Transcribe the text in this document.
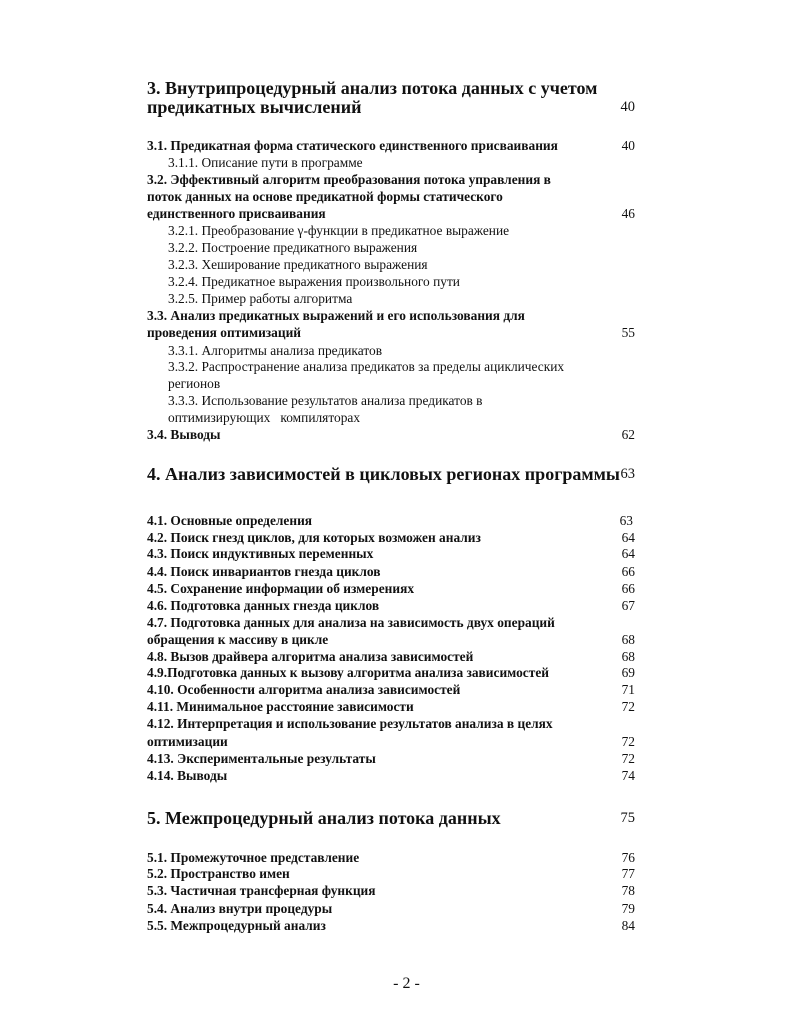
3. Внутрипроцедурный анализ потока данных с учетом
предикатных вычислений	40
3.1. Предикатная форма статического единственного присваивания	40
3.1.1. Описание пути в программе
3.2. Эффективный алгоритм преобразования потока управления в
поток данных на основе предикатной формы статического
единственного присваивания	46
3.2.1. Преобразование γ-функции в предикатное выражение
3.2.2. Построение предикатного выражения
3.2.3. Хеширование предикатного выражения
3.2.4. Предикатное выражения произвольного пути
3.2.5. Пример работы алгоритма
3.3. Анализ предикатных выражений и его использования для
проведения оптимизаций	55
3.3.1. Алгоритмы анализа предикатов
3.3.2. Распространение анализа предикатов за пределы ациклических
регионов
3.3.3. Использование результатов анализа предикатов в
оптимизирующих   компиляторах
3.4. Выводы	62
4. Анализ зависимостей в цикловых регионах программы 63
4.1. Основные определения	63
4.2. Поиск гнезд циклов, для которых возможен анализ	64
4.3. Поиск индуктивных переменных	64
4.4. Поиск инвариантов гнезда циклов	66
4.5. Сохранение информации об измерениях	66
4.6. Подготовка данных гнезда циклов	67
4.7. Подготовка данных для анализа на зависимость двух операций
обращения к массиву в цикле	68
4.8. Вызов драйвера алгоритма анализа зависимостей	68
4.9.Подготовка данных к вызову алгоритма анализа зависимостей	69
4.10. Особенности алгоритма анализа зависимостей	71
4.11. Минимальное расстояние зависимости	72
4.12. Интерпретация и использование результатов анализа в целях
оптимизации	72
4.13. Экспериментальные результаты	72
4.14. Выводы	74
5. Межпроцедурный анализ потока данных	75
5.1. Промежуточное представление	76
5.2. Пространство имен	77
5.3. Частичная трансферная функция	78
5.4. Анализ внутри процедуры	79
5.5. Межпроцедурный анализ	84
- 2 -
